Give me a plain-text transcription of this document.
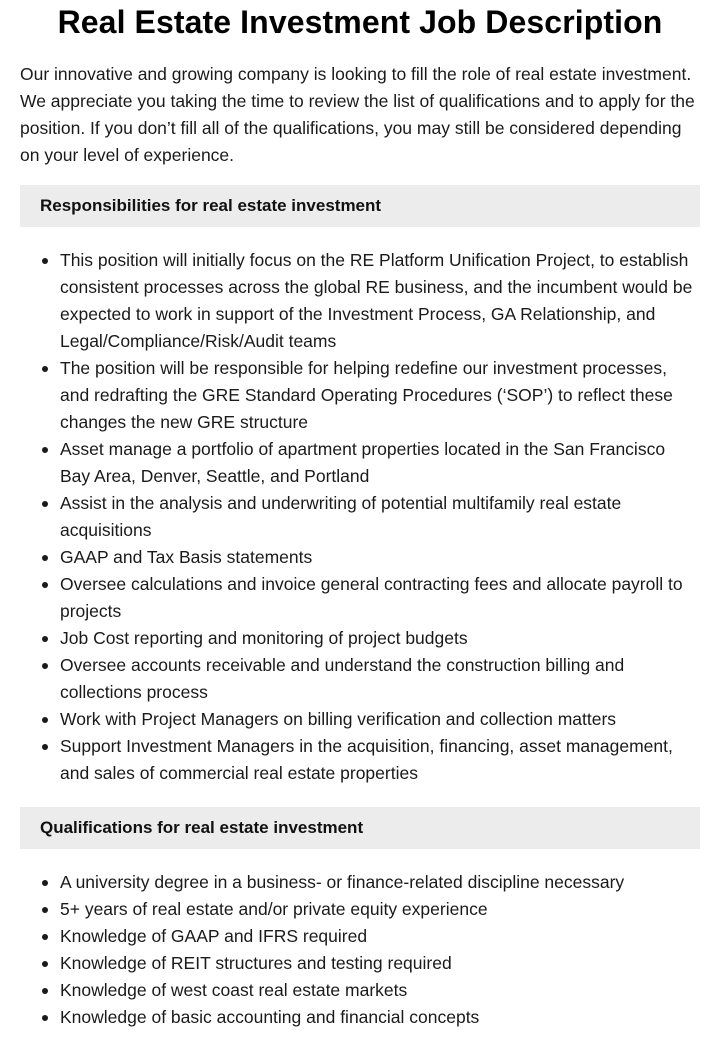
Real Estate Investment Job Description

Our innovative and growing company is looking to fill the role of real estate investment. We appreciate you taking the time to review the list of qualifications and to apply for the position. If you don’t fill all of the qualifications, you may still be considered depending on your level of experience.

Responsibilities for real estate investment
This position will initially focus on the RE Platform Unification Project, to establish consistent processes across the global RE business, and the incumbent would be expected to work in support of the Investment Process, GA Relationship, and Legal/Compliance/Risk/Audit teams
The position will be responsible for helping redefine our investment processes, and redrafting the GRE Standard Operating Procedures (‘SOP’) to reflect these changes the new GRE structure
Asset manage a portfolio of apartment properties located in the San Francisco Bay Area, Denver, Seattle, and Portland
Assist in the analysis and underwriting of potential multifamily real estate acquisitions
GAAP and Tax Basis statements
Oversee calculations and invoice general contracting fees and allocate payroll to projects
Job Cost reporting and monitoring of project budgets
Oversee accounts receivable and understand the construction billing and collections process
Work with Project Managers on billing verification and collection matters
Support Investment Managers in the acquisition, financing, asset management, and sales of commercial real estate properties
Qualifications for real estate investment
A university degree in a business- or finance-related discipline necessary
5+ years of real estate and/or private equity experience
Knowledge of GAAP and IFRS required
Knowledge of REIT structures and testing required
Knowledge of west coast real estate markets
Knowledge of basic accounting and financial concepts
